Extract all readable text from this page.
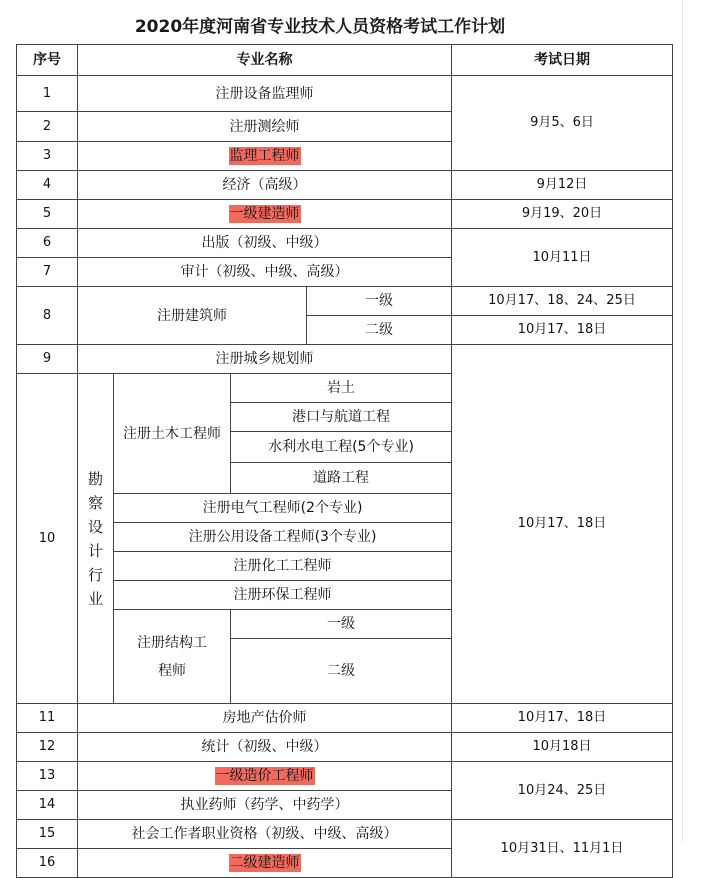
2020年度河南省专业技术人员资格考试工作计划
序号	专业名称				考试日期	
1	注册设备监理师				9月5、6日	
2	注册测绘师					
3	监理工程师					
4	经济（高级）				9月12日	
5	一级建造师				9月19、20日	
6	出版（初级、中级）				10月11日	
7	审计（初级、中级、高级）					
8	注册建筑师			一级	10月17、18、24、25日	
				二级	10月17、18日	
9	注册城乡规划师				10月17、18日	
10	勘察设计行业	注册土木工程师	岩土			
			港口与航道工程			
			水利水电工程(5个专业)			
			道路工程			
		注册电气工程师(2个专业)				
		注册公用设备工程师(3个专业)				
		注册化工工程师				
		注册环保工程师				
		注册结构工程师	一级			
			二级	
11	房地产估价师				10月17、18日	
12	统计（初级、中级）				10月18日	
13	一级造价工程师				10月24、25日	
14	执业药师（药学、中药学）					
15	社会工作者职业资格（初级、中级、高级）				10月31日、11月1日	
16	二级建造师					
